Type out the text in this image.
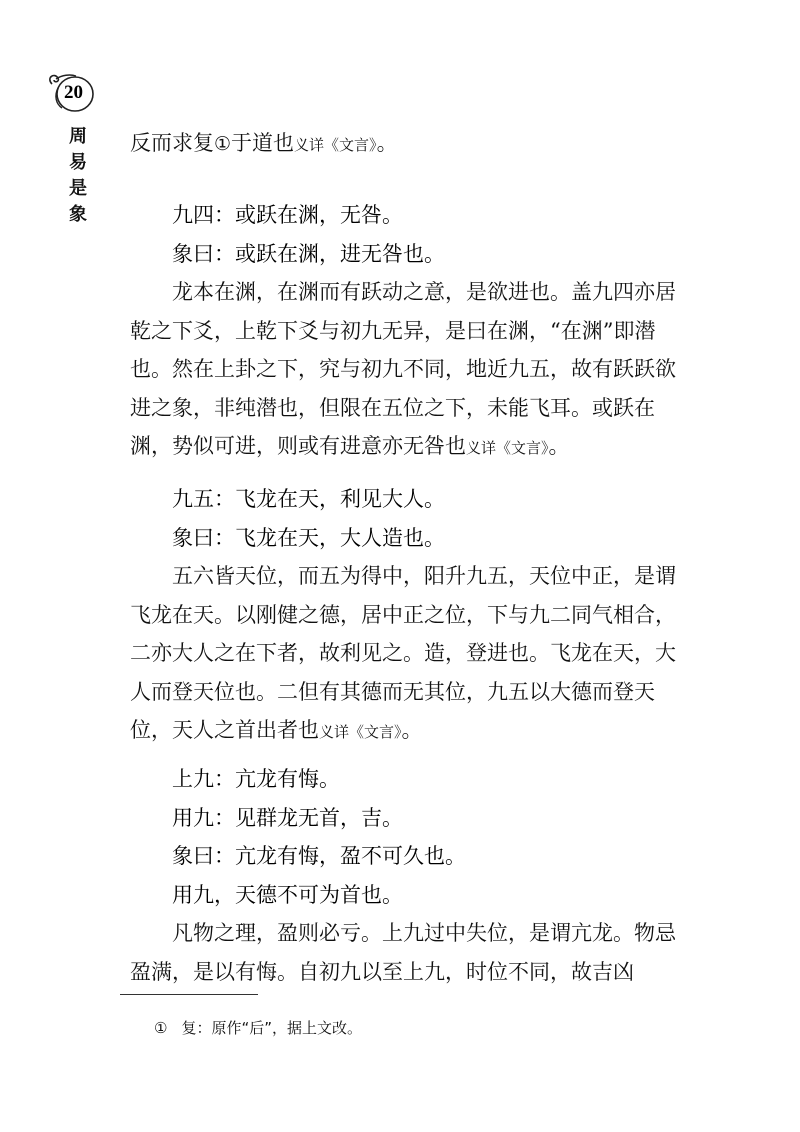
20
周
易
是
象

反而求复①于道也义详《文言》。

九四：或跃在渊，无咎。

象曰：或跃在渊，进无咎也。

龙本在渊，在渊而有跃动之意，是欲进也。盖九四亦居乾之下爻，上乾下爻与初九无异，是曰在渊，“在渊”即潜也。然在上卦之下，究与初九不同，地近九五，故有跃跃欲进之象，非纯潜也，但限在五位之下，未能飞耳。或跃在渊，势似可进，则或有进意亦无咎也义详《文言》。

九五：飞龙在天，利见大人。

象曰：飞龙在天，大人造也。

五六皆天位，而五为得中，阳升九五，天位中正，是谓飞龙在天。以刚健之德，居中正之位，下与九二同气相合，二亦大人之在下者，故利见之。造，登进也。飞龙在天，大人而登天位也。二但有其德而无其位，九五以大德而登天位，天人之首出者也义详《文言》。

上九：亢龙有悔。

用九：见群龙无首，吉。

象曰：亢龙有悔，盈不可久也。

用九，天德不可为首也。

凡物之理，盈则必亏。上九过中失位，是谓亢龙。物忌盈满，是以有悔。自初九以至上九，时位不同，故吉凶

① 复：原作“后”，据上文改。
